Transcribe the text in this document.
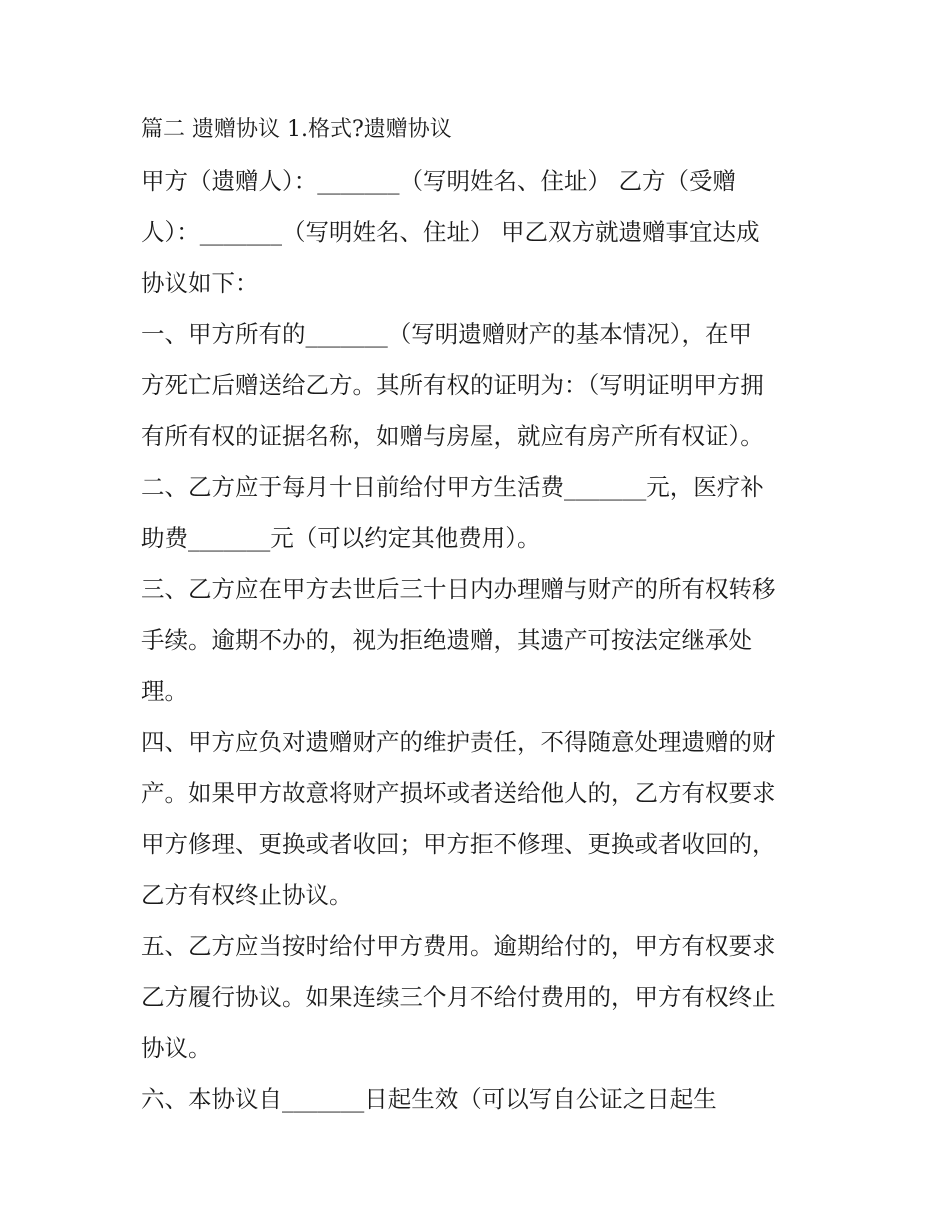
篇二 遗赠协议 1.格式?遗赠协议
甲方（遗赠人）：_______（写明姓名、住址） 乙方（受赠
人）：_______（写明姓名、住址） 甲乙双方就遗赠事宜达成
协议如下：
一、甲方所有的_______（写明遗赠财产的基本情况），在甲
方死亡后赠送给乙方。其所有权的证明为：（写明证明甲方拥
有所有权的证据名称，如赠与房屋，就应有房产所有权证）。
二、乙方应于每月十日前给付甲方生活费_______元，医疗补
助费_______元（可以约定其他费用）。
三、乙方应在甲方去世后三十日内办理赠与财产的所有权转移
手续。逾期不办的，视为拒绝遗赠，其遗产可按法定继承处
理。
四、甲方应负对遗赠财产的维护责任，不得随意处理遗赠的财
产。如果甲方故意将财产损坏或者送给他人的，乙方有权要求
甲方修理、更换或者收回；甲方拒不修理、更换或者收回的，
乙方有权终止协议。
五、乙方应当按时给付甲方费用。逾期给付的，甲方有权要求
乙方履行协议。如果连续三个月不给付费用的，甲方有权终止
协议。
六、本协议自_______日起生效（可以写自公证之日起生
